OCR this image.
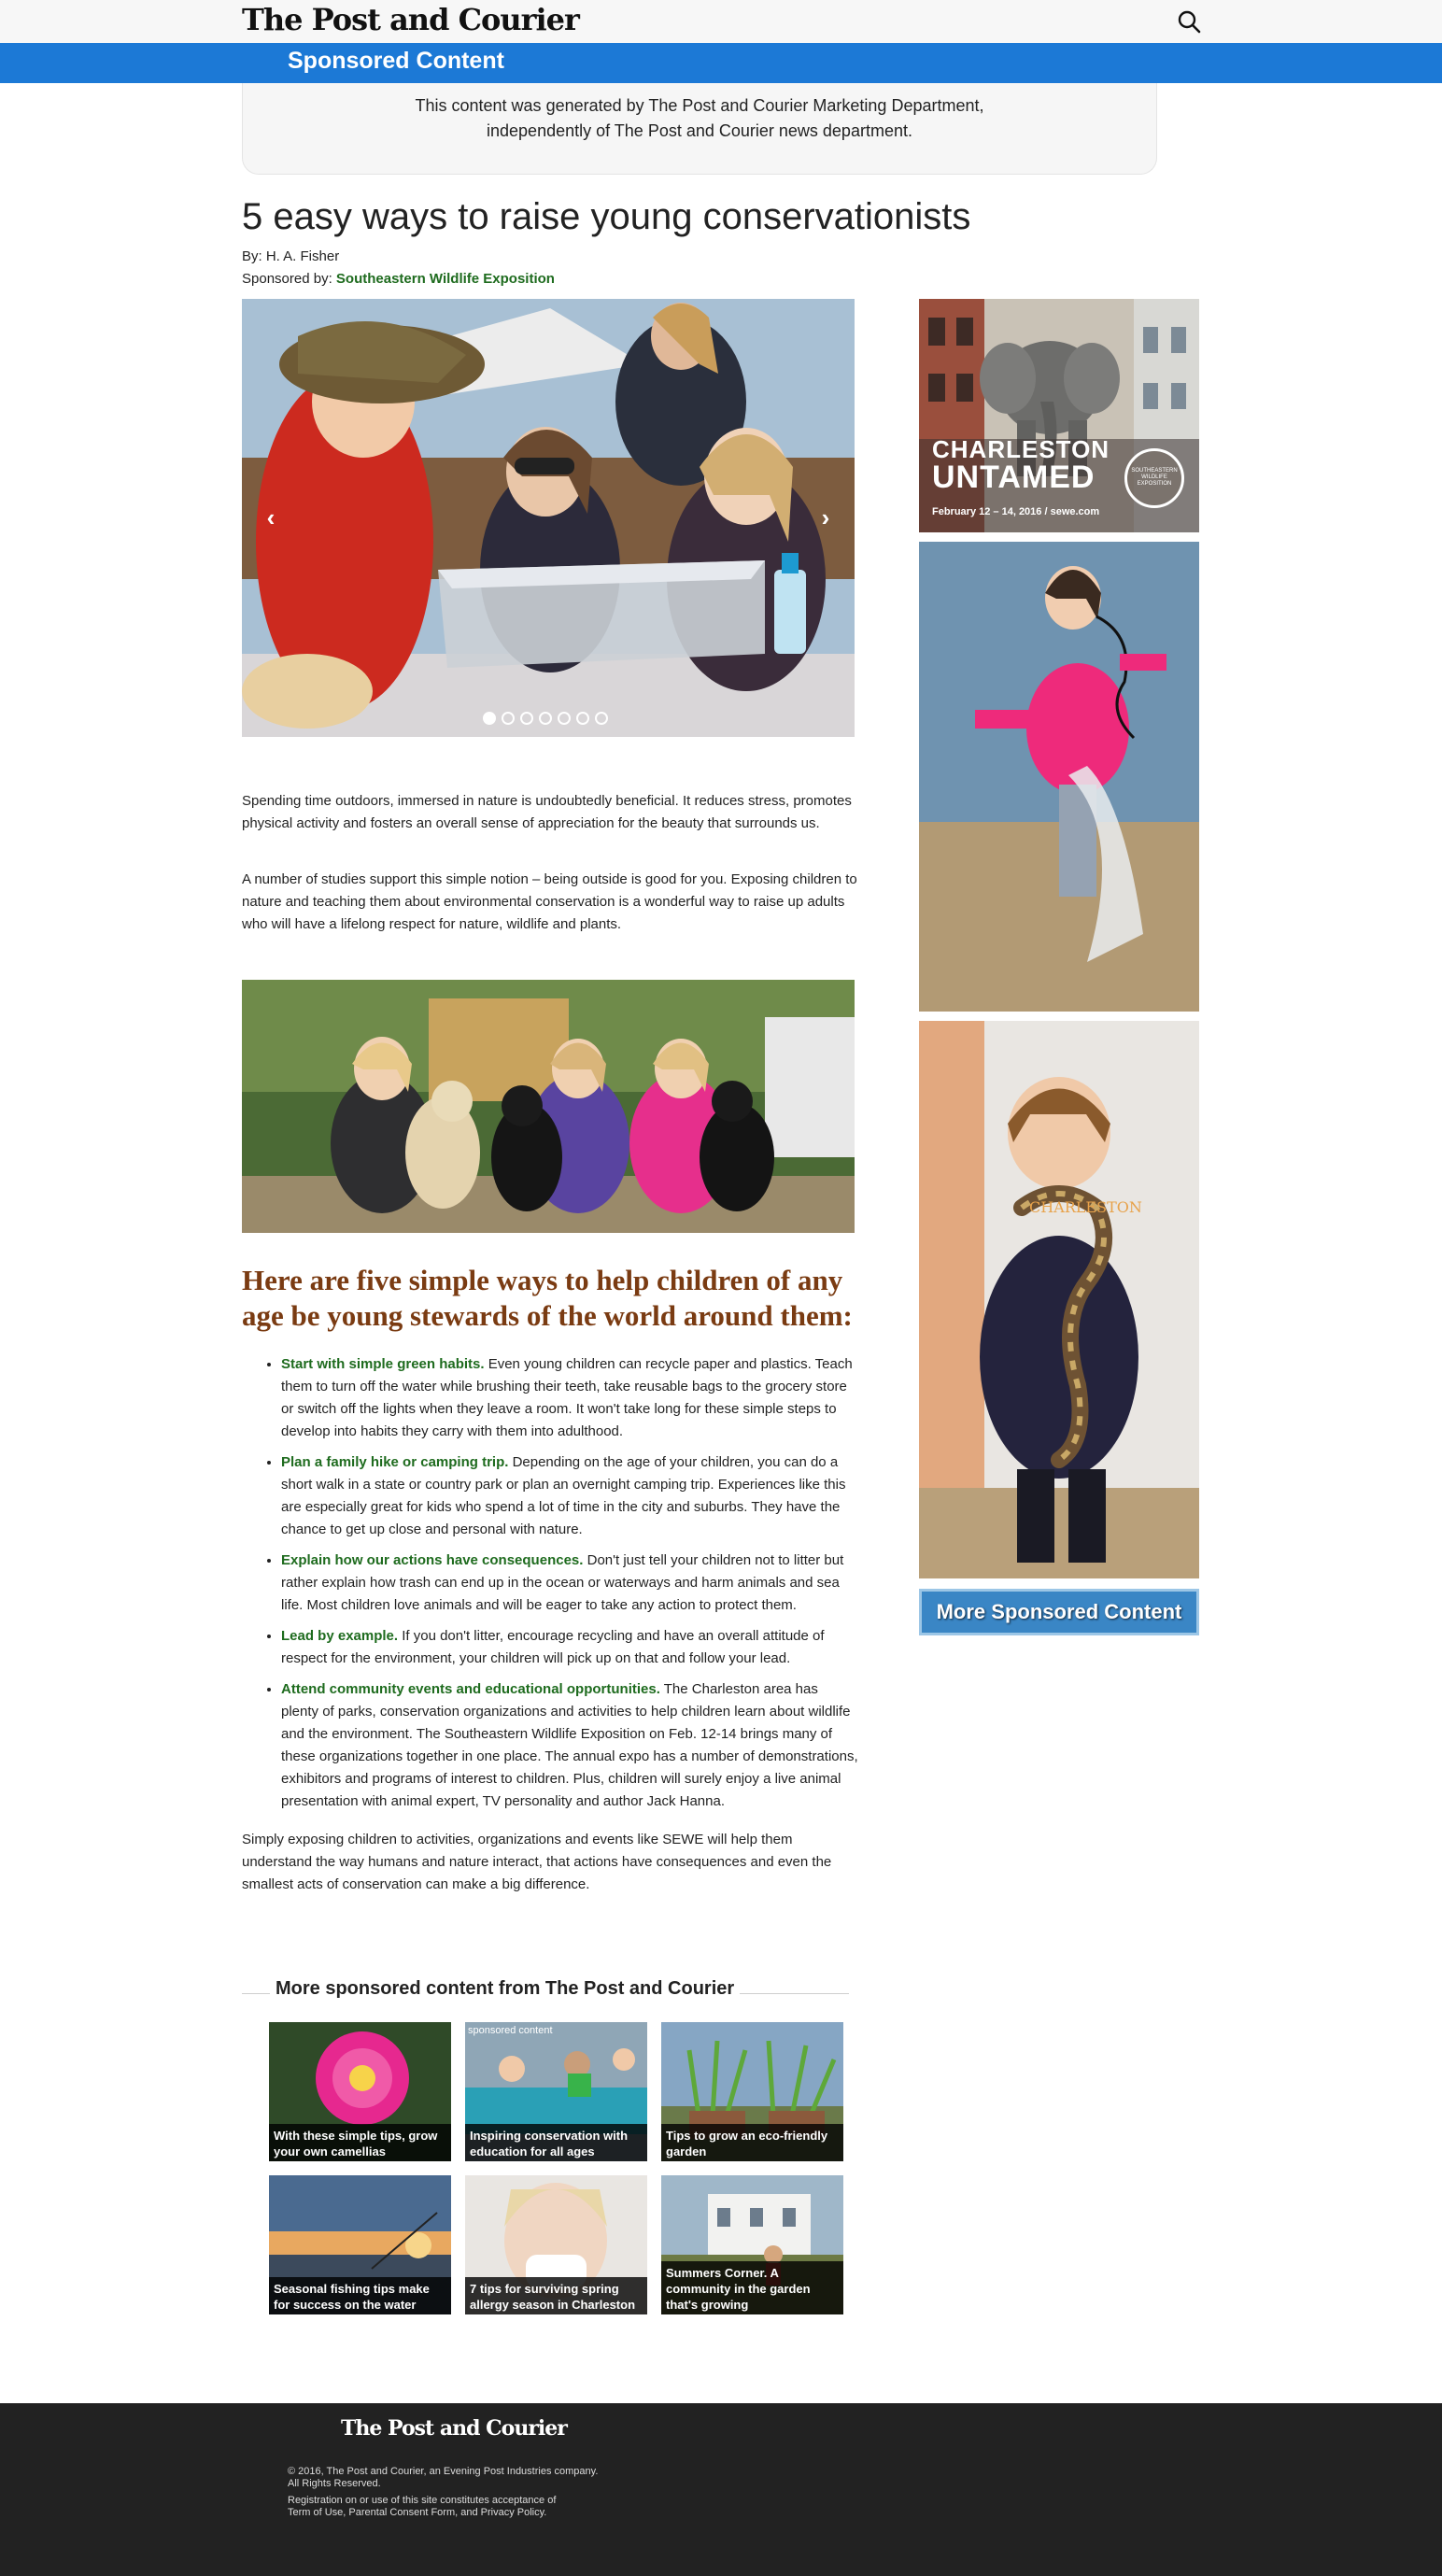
The Post and Courier
Sponsored Content
This content was generated by The Post and Courier Marketing Department,
independently of The Post and Courier news department.
5 easy ways to raise young conservationists
By: H. A. Fisher
Sponsored by: Southeastern Wildlife Exposition
‹	›

Spending time outdoors, immersed in nature is undoubtedly beneficial. It reduces stress, promotes physical activity and fosters an overall sense of appreciation for the beauty that surrounds us.

A number of studies support this simple notion – being outside is good for you. Exposing children to nature and teaching them about environmental conservation is a wonderful way to raise up adults who will have a lifelong respect for nature, wildlife and plants.

Here are five simple ways to help children of any age be young stewards of the world around them:
• Start with simple green habits. Even young children can recycle paper and plastics. Teach them to turn off the water while brushing their teeth, take reusable bags to the grocery store or switch off the lights when they leave a room. It won't take long for these simple steps to develop into habits they carry with them into adulthood.
• Plan a family hike or camping trip. Depending on the age of your children, you can do a short walk in a state or country park or plan an overnight camping trip. Experiences like this are especially great for kids who spend a lot of time in the city and suburbs. They have the chance to get up close and personal with nature.
• Explain how our actions have consequences. Don't just tell your children not to litter but rather explain how trash can end up in the ocean or waterways and harm animals and sea life. Most children love animals and will be eager to take any action to protect them.
• Lead by example. If you don't litter, encourage recycling and have an overall attitude of respect for the environment, your children will pick up on that and follow your lead.
• Attend community events and educational opportunities. The Charleston area has plenty of parks, conservation organizations and activities to help children learn about wildlife and the environment. The Southeastern Wildlife Exposition on Feb. 12-14 brings many of these organizations together in one place. The annual expo has a number of demonstrations, exhibitors and programs of interest to children. Plus, children will surely enjoy a live animal presentation with animal expert, TV personality and author Jack Hanna.

Simply exposing children to activities, organizations and events like SEWE will help them understand the way humans and nature interact, that actions have consequences and even the smallest acts of conservation can make a big difference.

CHARLESTON
UNTAMED
February 12 – 14, 2016 / sewe.com
SOUTHEASTERN WILDLIFE EXPOSITION
CHARLESTON
More Sponsored Content
More sponsored content from The Post and Courier
With these simple tips, grow your own camellias
sponsored content
Inspiring conservation with education for all ages
Tips to grow an eco-friendly garden
Seasonal fishing tips make for success on the water
7 tips for surviving spring allergy season in Charleston
Summers Corner. A community in the garden that's growing
The Post and Courier
© 2016, The Post and Courier, an Evening Post Industries company.
All Rights Reserved.
Registration on or use of this site constitutes acceptance of
Term of Use, Parental Consent Form, and Privacy Policy.
